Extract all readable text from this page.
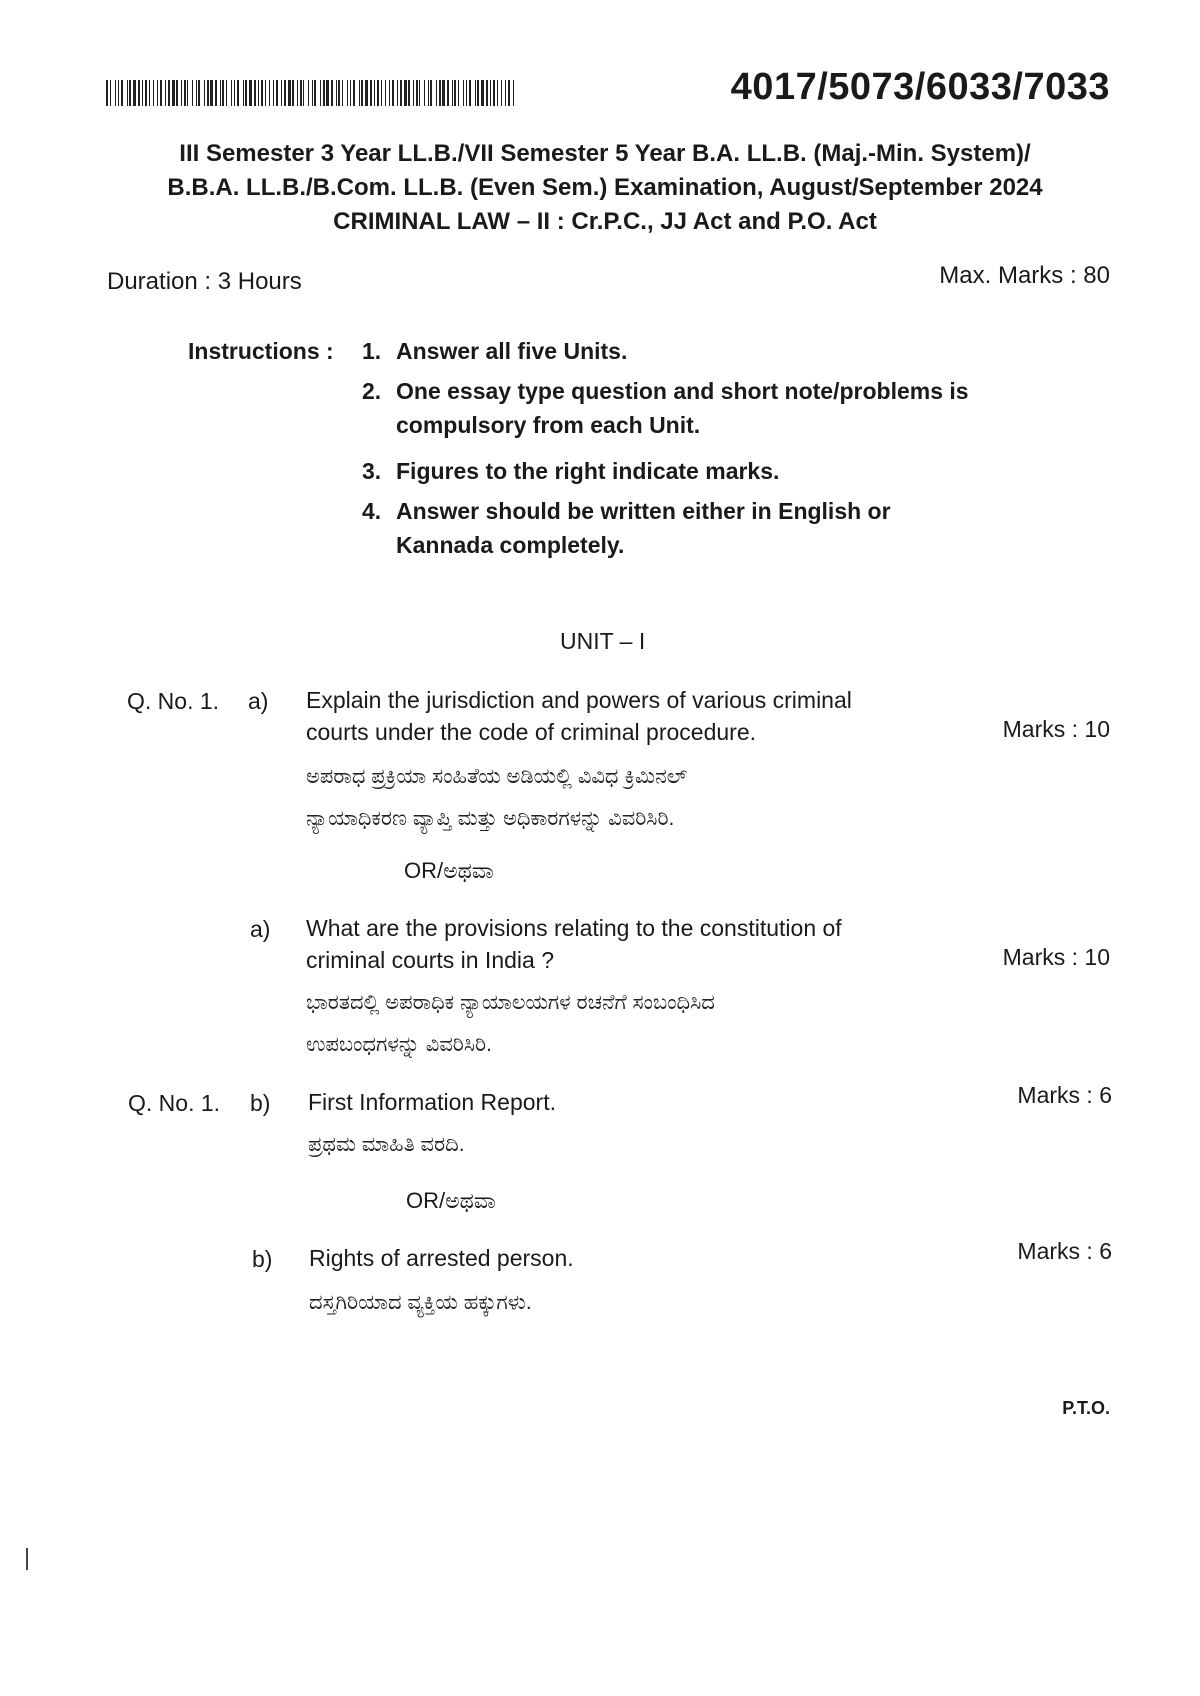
4017/5073/6033/7033
III Semester 3 Year LL.B./VII Semester 5 Year B.A. LL.B. (Maj.-Min. System)/
B.B.A. LL.B./B.Com. LL.B. (Even Sem.) Examination, August/September 2024
CRIMINAL LAW – II : Cr.P.C., JJ Act and P.O. Act
Duration : 3 Hours	Max. Marks : 80
Instructions : 1. Answer all five Units.
2. One essay type question and short note/problems is
compulsory from each Unit.
3. Figures to the right indicate marks.
4. Answer should be written either in English or
Kannada completely.
UNIT – I
Q. No. 1. a) Explain the jurisdiction and powers of various criminal
courts under the code of criminal procedure.	Marks : 10
ಅಪರಾಧ ಪ್ರಕ್ರಿಯಾ ಸಂಹಿತೆಯ ಅಡಿಯಲ್ಲಿ ವಿವಿಧ ಕ್ರಿಮಿನಲ್
ನ್ಯಾಯಾಧಿಕರಣ ವ್ಯಾಪ್ತಿ ಮತ್ತು ಅಧಿಕಾರಗಳನ್ನು ವಿವರಿಸಿರಿ.
OR/ಅಥವಾ
a) What are the provisions relating to the constitution of
criminal courts in India ?	Marks : 10
ಭಾರತದಲ್ಲಿ ಅಪರಾಧಿಕ ನ್ಯಾಯಾಲಯಗಳ ರಚನೆಗೆ ಸಂಬಂಧಿಸಿದ
ಉಪಬಂಧಗಳನ್ನು ವಿವರಿಸಿರಿ.
Q. No. 1. b) First Information Report.	Marks : 6
ಪ್ರಥಮ ಮಾಹಿತಿ ವರದಿ.
OR/ಅಥವಾ
b) Rights of arrested person.	Marks : 6
ದಸ್ತಗಿರಿಯಾದ ವ್ಯಕ್ತಿಯ ಹಕ್ಕುಗಳು.
P.T.O.
